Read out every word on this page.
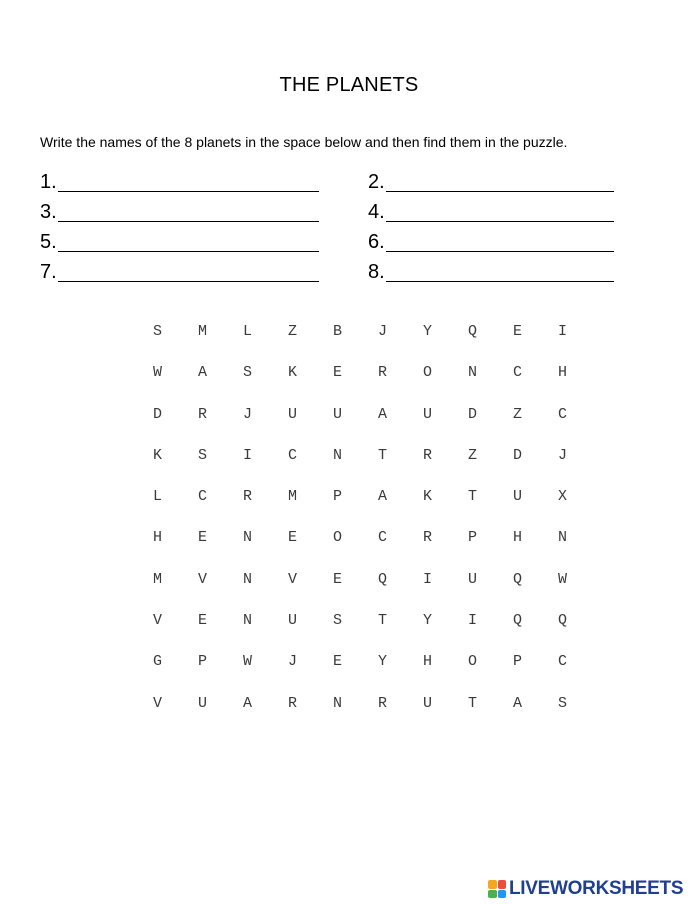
THE PLANETS
Write the names of the 8 planets in the space below and then find them in the puzzle.
1.	2.
3.	4.
5.	6.
7.	8.
S	M	L	Z	B	J	Y	Q	E	I
W	A	S	K	E	R	O	N	C	H
D	R	J	U	U	A	U	D	Z	C
K	S	I	C	N	T	R	Z	D	J
L	C	R	M	P	A	K	T	U	X
H	E	N	E	O	C	R	P	H	N
M	V	N	V	E	Q	I	U	Q	W
V	E	N	U	S	T	Y	I	Q	Q
G	P	W	J	E	Y	H	O	P	C
V	U	A	R	N	R	U	T	A	S
LIVEWORKSHEETS
